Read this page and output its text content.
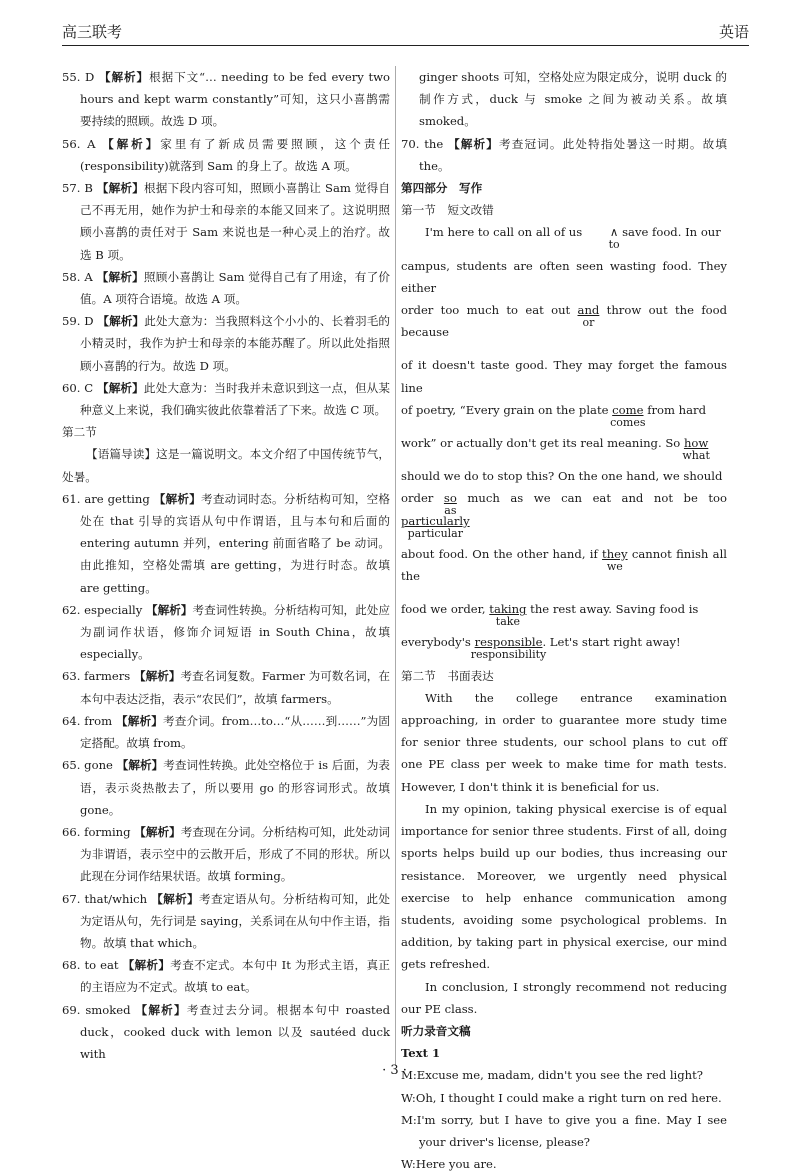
高三联考	英语

55. D 【解析】根据下文“… needing to be fed every two hours and kept warm constantly”可知，这只小喜鹊需要持续的照顾。故选 D 项。

56. A 【解析】家里有了新成员需要照顾，这个责任(responsibility)就落到 Sam 的身上了。故选 A 项。

57. B 【解析】根据下段内容可知，照顾小喜鹊让 Sam 觉得自己不再无用，她作为护士和母亲的本能又回来了。这说明照顾小喜鹊的责任对于 Sam 来说也是一种心灵上的治疗。故选 B 项。

58. A 【解析】照顾小喜鹊让 Sam 觉得自己有了用途，有了价值。A 项符合语境。故选 A 项。

59. D 【解析】此处大意为：当我照料这个小小的、长着羽毛的小精灵时，我作为护士和母亲的本能苏醒了。所以此处指照顾小喜鹊的行为。故选 D 项。

60. C 【解析】此处大意为：当时我并未意识到这一点，但从某种意义上来说，我们确实彼此依靠着活了下来。故选 C 项。

第二节

【语篇导读】这是一篇说明文。本文介绍了中国传统节气，处暑。

61. are getting 【解析】考查动词时态。分析结构可知，空格处在 that 引导的宾语从句中作谓语，且与本句和后面的 entering autumn 并列，entering 前面省略了 be 动词。由此推知，空格处需填 are getting，为进行时态。故填 are getting。

62. especially 【解析】考查词性转换。分析结构可知，此处应为副词作状语，修饰介词短语 in South China，故填 especially。

63. farmers 【解析】考查名词复数。Farmer 为可数名词，在本句中表达泛指，表示“农民们”，故填 farmers。

64. from 【解析】考查介词。from…to…“从……到……”为固定搭配。故填 from。

65. gone 【解析】考查词性转换。此处空格位于 is 后面，为表语，表示炎热散去了，所以要用 go 的形容词形式。故填 gone。

66. forming 【解析】考查现在分词。分析结构可知，此处动词为非谓语，表示空中的云散开后，形成了不同的形状。所以此现在分词作结果状语。故填 forming。

67. that/which 【解析】考查定语从句。分析结构可知，此处为定语从句，先行词是 saying，关系词在从句中作主语，指物。故填 that which。

68. to eat 【解析】考查不定式。本句中 It 为形式主语，真正的主语应为不定式。故填 to eat。

69. smoked 【解析】考查过去分词。根据本句中 roasted duck，cooked duck with lemon 以及 sautéed duck with

ginger shoots 可知，空格处应为限定成分，说明 duck 的制作方式，duck 与 smoke 之间为被动关系。故填 smoked。

70. the 【解析】考查冠词。此处特指处暑这一时期。故填 the。

第四部分　写作

第一节　短文改错

I'm here to call on all of us ∧
to
save food. In our

campus, students are often seen wasting food. They either

order too much to eat out and
or
throw out the food because

of it doesn't taste good. They may forget the famous line

of poetry, “Every grain on the plate come
comes
from hard

work” or actually don't get its real meaning. So how
what

should we do to stop this? On the one hand, we should

order so
as
much as we can eat and not be too particularly
particular

about food. On the other hand, if they
we
cannot finish all the

food we order, taking
take
the rest away. Saving food is

everybody's responsible
responsibility
. Let's start right away!

第二节　书面表达

With the college entrance examination approaching, in order to guarantee more study time for senior three students, our school plans to cut off one PE class per week to make time for math tests. However, I don't think it is beneficial for us.

In my opinion, taking physical exercise is of equal importance for senior three students. First of all, doing sports helps build up our bodies, thus increasing our resistance. Moreover, we urgently need physical exercise to help enhance communication among students, avoiding some psychological problems. In addition, by taking part in physical exercise, our mind gets refreshed.

In conclusion, I strongly recommend not reducing our PE class.

听力录音文稿

Text 1

M:Excuse me, madam, didn't you see the red light?

W:Oh, I thought I could make a right turn on red here.

M:I'm sorry, but I have to give you a fine. May I see your driver's license, please?

W:Here you are.

· 3 ·
